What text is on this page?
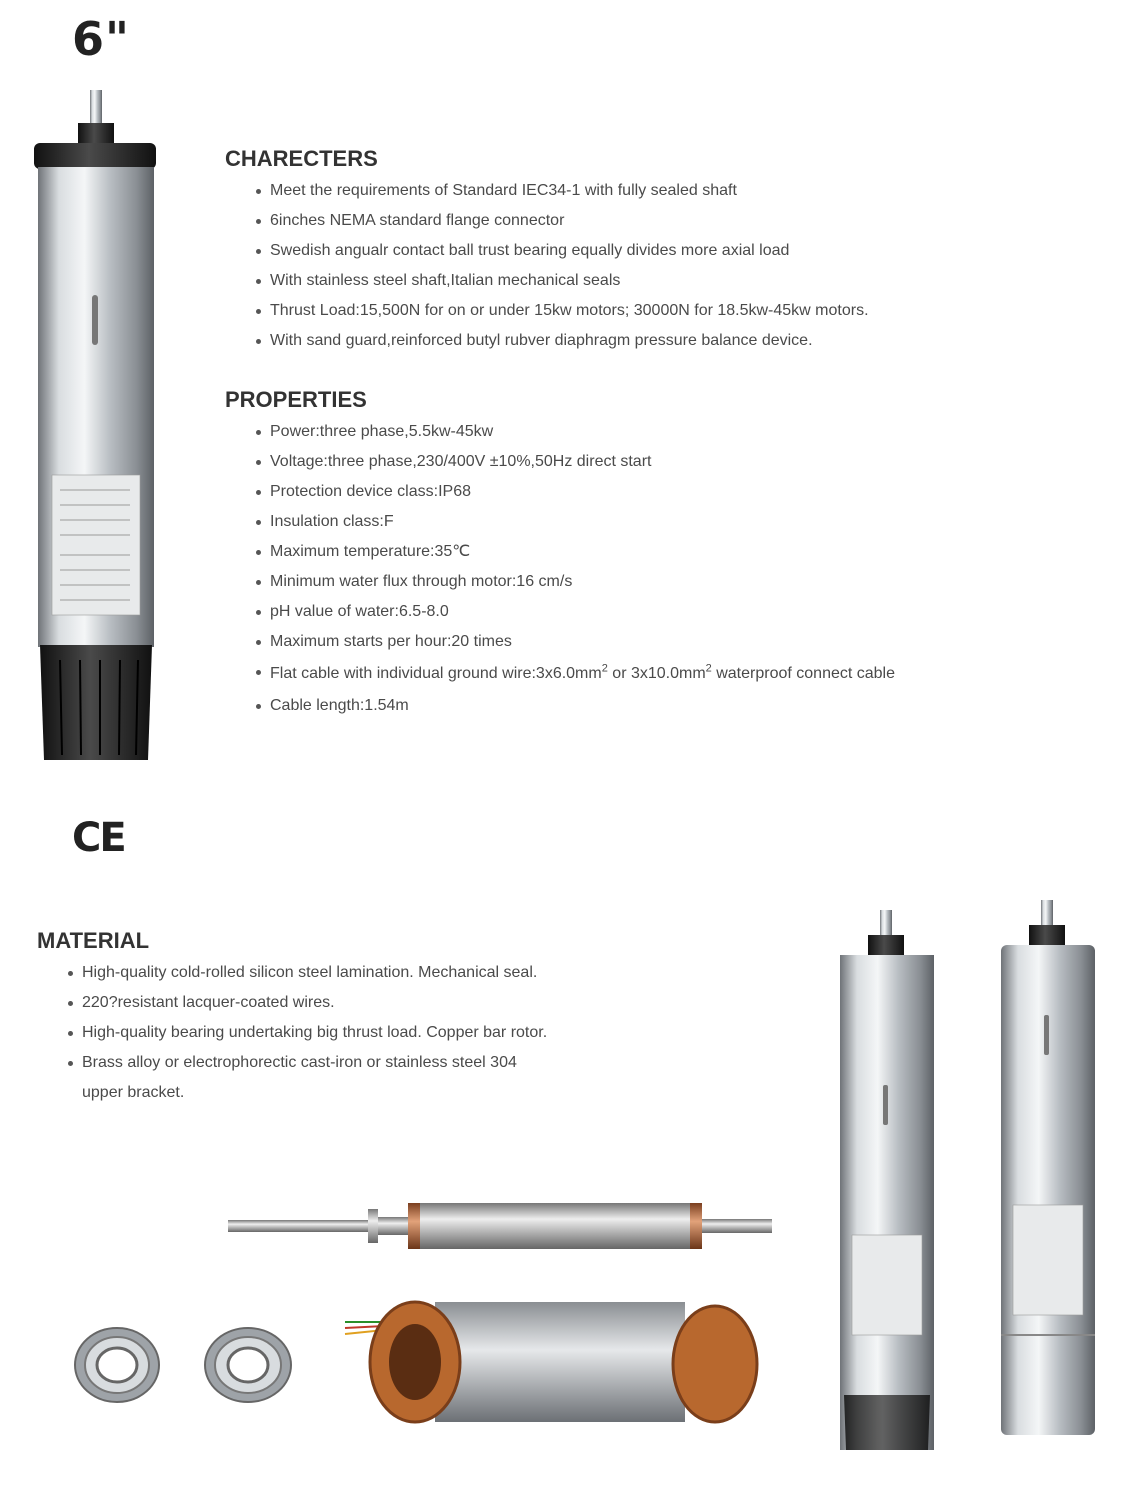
6"
CHARECTERS
Meet the requirements of Standard IEC34-1 with fully sealed shaft
6inches NEMA standard flange connector
Swedish angualr contact ball trust bearing equally divides more axial load
With stainless steel shaft,Italian mechanical seals
Thrust Load:15,500N for on or under 15kw motors; 30000N for 18.5kw-45kw motors.
With sand guard,reinforced butyl rubver diaphragm pressure balance device.
PROPERTIES
Power:three phase,5.5kw-45kw
Voltage:three phase,230/400V ±10%,50Hz direct start
Protection device class:IP68
Insulation class:F
Maximum temperature:35℃
Minimum water flux through motor:16 cm/s
pH value of water:6.5-8.0
Maximum starts per hour:20 times
Flat cable with individual ground $wire:3x6.0mm^2$ or $3x10.0mm^2$ waterproof connect cable
Cable length:1.54m
CE
MATERIAL
High-quality cold-rolled silicon steel lamination. Mechanical seal.
220?resistant lacquer-coated wires.
High-quality bearing undertaking big thrust load. Copper bar rotor.
Brass alloy or electrophorectic cast-iron or stainless steel 304 upper bracket.
